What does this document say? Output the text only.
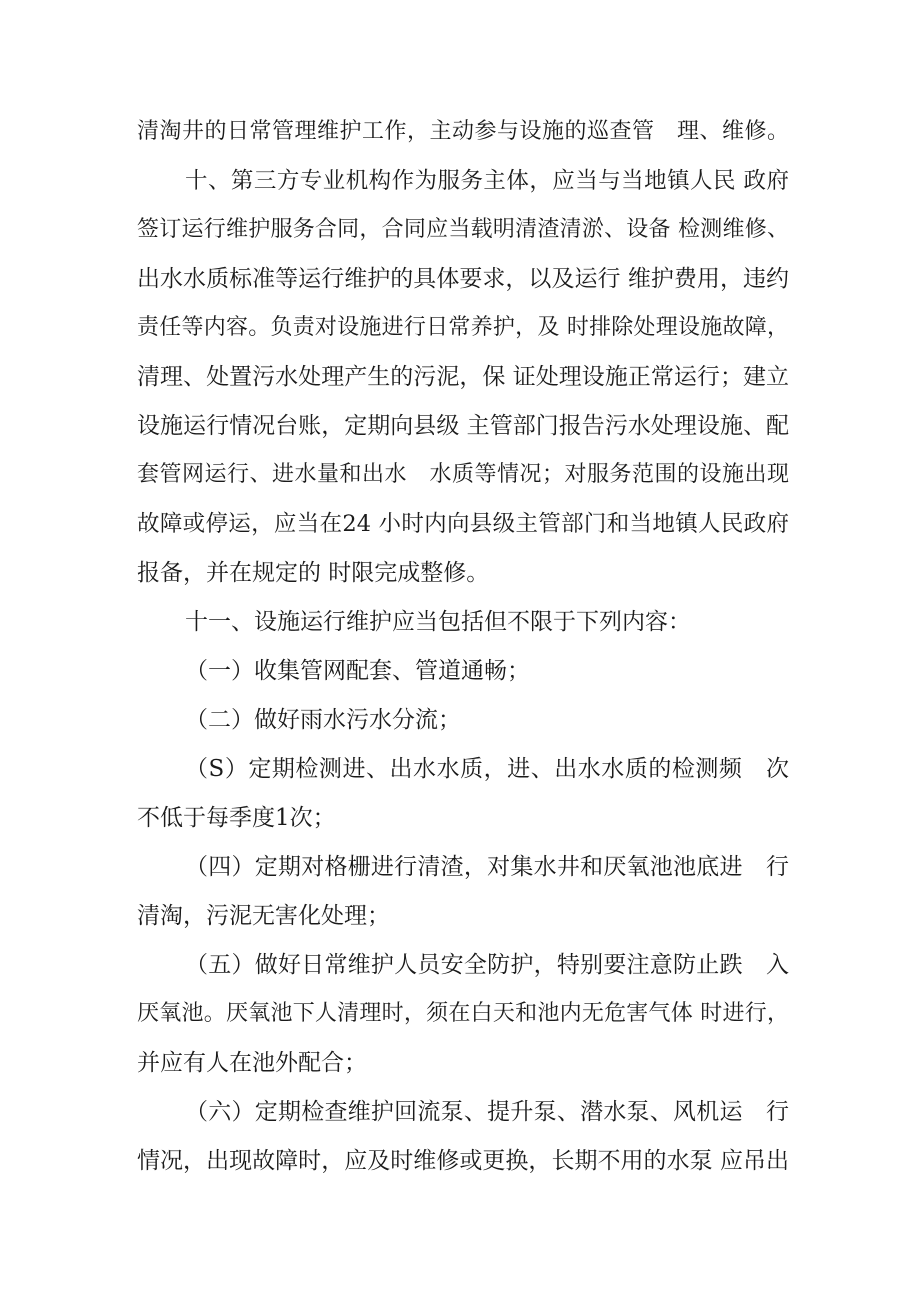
清淘井的日常管理维护工作，主动参与设施的巡查管　理、维修。
十、第三方专业机构作为服务主体，应当与当地镇人民 政府
签订运行维护服务合同，合同应当载明清渣清淤、设备 检测维修、
出水水质标准等运行维护的具体要求，以及运行 维护费用，违约
责任等内容。负责对设施进行日常养护，及 时排除处理设施故障，
清理、处置污水处理产生的污泥，保 证处理设施正常运行；建立
设施运行情况台账，定期向县级 主管部门报告污水处理设施、配
套管网运行、进水量和出水　水质等情况；对服务范围的设施出现
故障或停运，应当在24 小时内向县级主管部门和当地镇人民政府
报备，并在规定的 时限完成整修。
十一、设施运行维护应当包括但不限于下列内容：
（一）收集管网配套、管道通畅；
（二）做好雨水污水分流；
（S）定期检测进、出水水质，进、出水水质的检测频　次
不低于每季度1次；
（四）定期对格栅进行清渣，对集水井和厌氧池池底进　行
清淘，污泥无害化处理；
（五）做好日常维护人员安全防护，特别要注意防止跌　入
厌氧池。厌氧池下人清理时，须在白天和池内无危害气体 时进行，
并应有人在池外配合；
（六）定期检查维护回流泵、提升泵、潜水泵、风机运　行
情况，出现故障时，应及时维修或更换，长期不用的水泵 应吊出
